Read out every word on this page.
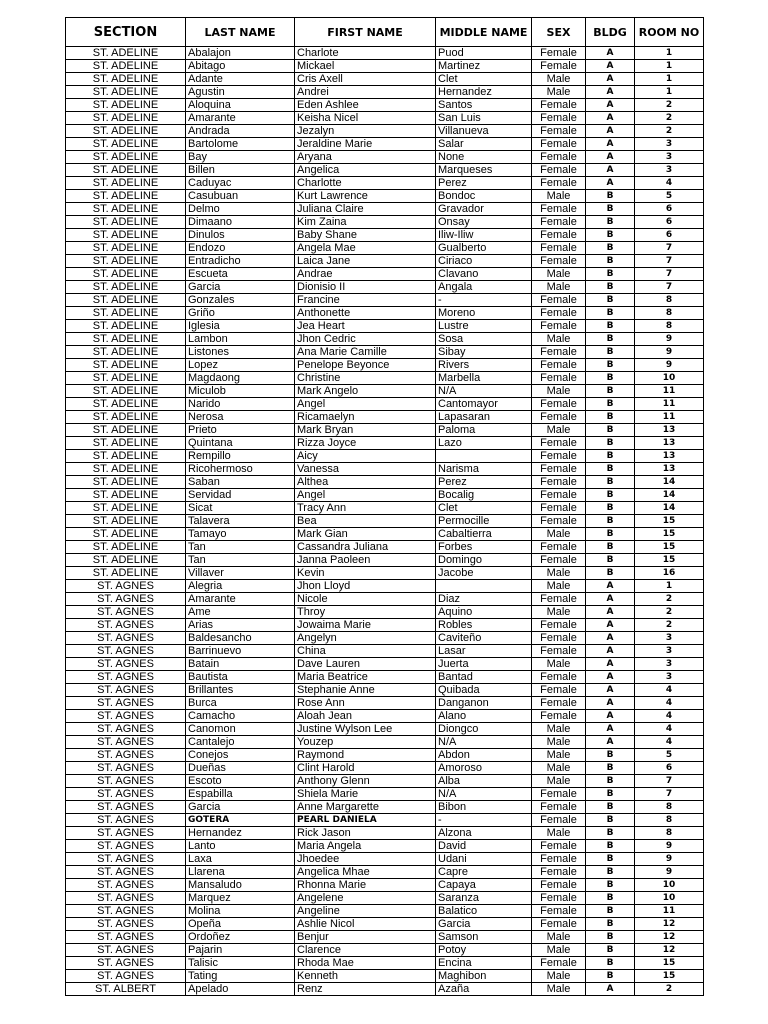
SECTION	LAST NAME	FIRST NAME	MIDDLE NAME	SEX	BLDG	ROOM NO
ST. ADELINE	Abalajon	Charlote	Puod	Female	A	1
ST. ADELINE	Abitago	Mickael	Martinez	Female	A	1
ST. ADELINE	Adante	Cris Axell	Clet	Male	A	1
ST. ADELINE	Agustin	Andrei	Hernandez	Male	A	1
ST. ADELINE	Aloquina	Eden Ashlee	Santos	Female	A	2
ST. ADELINE	Amarante	Keisha Nicel	San Luis	Female	A	2
ST. ADELINE	Andrada	Jezalyn	Villanueva	Female	A	2
ST. ADELINE	Bartolome	Jeraldine Marie	Salar	Female	A	3
ST. ADELINE	Bay	Aryana	None	Female	A	3
ST. ADELINE	Billen	Angelica	Marqueses	Female	A	3
ST. ADELINE	Caduyac	Charlotte	Perez	Female	A	4
ST. ADELINE	Casubuan	Kurt Lawrence	Bondoc	Male	B	5
ST. ADELINE	Delmo	Juliana Claire	Gravador	Female	B	6
ST. ADELINE	Dimaano	Kim Zaina	Onsay	Female	B	6
ST. ADELINE	Dinulos	Baby Shane	Iliw-Iliw	Female	B	6
ST. ADELINE	Endozo	Angela Mae	Gualberto	Female	B	7
ST. ADELINE	Entradicho	Laica Jane	Ciriaco	Female	B	7
ST. ADELINE	Escueta	Andrae	Clavano	Male	B	7
ST. ADELINE	Garcia	Dionisio II	Angala	Male	B	7
ST. ADELINE	Gonzales	Francine	-	Female	B	8
ST. ADELINE	Griño	Anthonette	Moreno	Female	B	8
ST. ADELINE	Iglesia	Jea Heart	Lustre	Female	B	8
ST. ADELINE	Lambon	Jhon Cedric	Sosa	Male	B	9
ST. ADELINE	Listones	Ana Marie Camille	Sibay	Female	B	9
ST. ADELINE	Lopez	Penelope Beyonce	Rivers	Female	B	9
ST. ADELINE	Magdaong	Christine	Marbella	Female	B	10
ST. ADELINE	Miculob	Mark Angelo	N/A	Male	B	11
ST. ADELINE	Narido	Angel	Cantomayor	Female	B	11
ST. ADELINE	Nerosa	Ricamaelyn	Lapasaran	Female	B	11
ST. ADELINE	Prieto	Mark Bryan	Paloma	Male	B	13
ST. ADELINE	Quintana	Rizza Joyce	Lazo	Female	B	13
ST. ADELINE	Rempillo	Aicy		Female	B	13
ST. ADELINE	Ricohermoso	Vanessa	Narisma	Female	B	13
ST. ADELINE	Saban	Althea	Perez	Female	B	14
ST. ADELINE	Servidad	Angel	Bocalig	Female	B	14
ST. ADELINE	Sicat	Tracy Ann	Clet	Female	B	14
ST. ADELINE	Talavera	Bea	Permocille	Female	B	15
ST. ADELINE	Tamayo	Mark Gian	Cabaltierra	Male	B	15
ST. ADELINE	Tan	Cassandra Juliana	Forbes	Female	B	15
ST. ADELINE	Tan	Janna Paoleen	Domingo	Female	B	15
ST. ADELINE	Villaver	Kevin	Jacobe	Male	B	16
ST. AGNES	Alegria	Jhon Lloyd		Male	A	1
ST. AGNES	Amarante	Nicole	Diaz	Female	A	2
ST. AGNES	Ame	Throy	Aquino	Male	A	2
ST. AGNES	Arias	Jowaima Marie	Robles	Female	A	2
ST. AGNES	Baldesancho	Angelyn	Caviteño	Female	A	3
ST. AGNES	Barrinuevo	China	Lasar	Female	A	3
ST. AGNES	Batain	Dave Lauren	Juerta	Male	A	3
ST. AGNES	Bautista	Maria Beatrice	Bantad	Female	A	3
ST. AGNES	Brillantes	Stephanie Anne	Quibada	Female	A	4
ST. AGNES	Burca	Rose Ann	Danganon	Female	A	4
ST. AGNES	Camacho	Aloah Jean	Alano	Female	A	4
ST. AGNES	Canomon	Justine Wylson Lee	Diongco	Male	A	4
ST. AGNES	Cantalejo	Youzep	N/A	Male	A	4
ST. AGNES	Conejos	Raymond	Abdon	Male	B	5
ST. AGNES	Dueñas	Clint Harold	Amoroso	Male	B	6
ST. AGNES	Escoto	Anthony Glenn	Alba	Male	B	7
ST. AGNES	Espabilla	Shiela Marie	N/A	Female	B	7
ST. AGNES	Garcia	Anne Margarette	Bibon	Female	B	8
ST. AGNES	GOTERA	PEARL DANIELA	-	Female	B	8
ST. AGNES	Hernandez	Rick Jason	Alzona	Male	B	8
ST. AGNES	Lanto	Maria Angela	David	Female	B	9
ST. AGNES	Laxa	Jhoedee	Udani	Female	B	9
ST. AGNES	Llarena	Angelica Mhae	Capre	Female	B	9
ST. AGNES	Mansaludo	Rhonna Marie	Capaya	Female	B	10
ST. AGNES	Marquez	Angelene	Saranza	Female	B	10
ST. AGNES	Molina	Angeline	Balatico	Female	B	11
ST. AGNES	Opeña	Ashlie Nicol	Garcia	Female	B	12
ST. AGNES	Ordoñez	Benjur	Samson	Male	B	12
ST. AGNES	Pajarin	Clarence	Potoy	Male	B	12
ST. AGNES	Talisic	Rhoda Mae	Encina	Female	B	15
ST. AGNES	Tating	Kenneth	Maghibon	Male	B	15
ST. ALBERT	Apelado	Renz	Azaña	Male	A	2
